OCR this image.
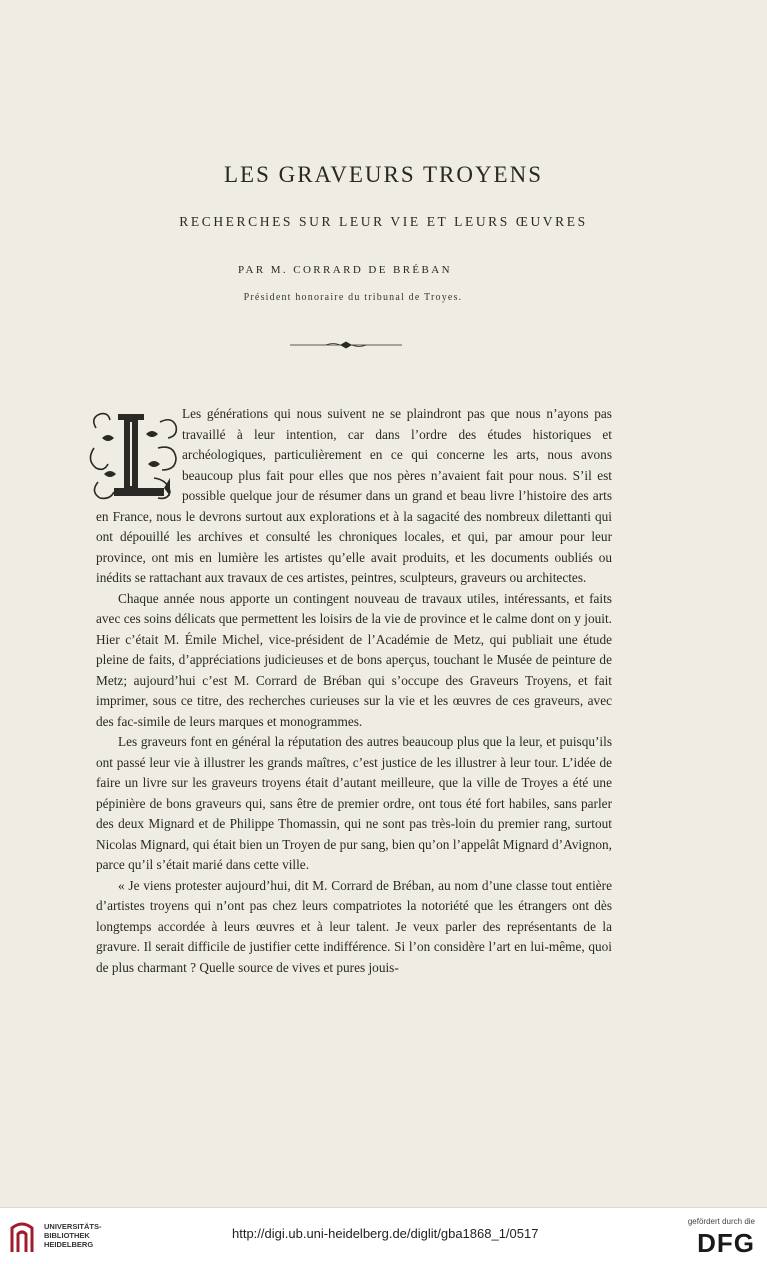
LES GRAVEURS TROYENS
RECHERCHES SUR LEUR VIE ET LEURS ŒUVRES
PAR M. CORRARD DE BRÉBAN
Président honoraire du tribunal de Troyes.

Les générations qui nous suivent ne se plaindront pas que nous n’ayons pas travaillé à leur intention, car dans l’ordre des études historiques et archéologiques, particulièrement en ce qui concerne les arts, nous avons beaucoup plus fait pour elles que nos pères n’avaient fait pour nous. S’il est possible quelque jour de résumer dans un grand et beau livre l’histoire des arts en France, nous le devrons surtout aux explorations et à la sagacité des nombreux dilettanti qui ont dépouillé les archives et consulté les chroniques locales, et qui, par amour pour leur province, ont mis en lumière les artistes qu’elle avait produits, et les documents oubliés ou inédits se rattachant aux travaux de ces artistes, peintres, sculpteurs, graveurs ou architectes.

Chaque année nous apporte un contingent nouveau de travaux utiles, intéressants, et faits avec ces soins délicats que permettent les loisirs de la vie de province et le calme dont on y jouit. Hier c’était M. Émile Michel, vice-président de l’Académie de Metz, qui publiait une étude pleine de faits, d’appréciations judicieuses et de bons aperçus, touchant le Musée de peinture de Metz; aujourd’hui c’est M. Corrard de Bréban qui s’occupe des Graveurs Troyens, et fait imprimer, sous ce titre, des recherches curieuses sur la vie et les œuvres de ces graveurs, avec des fac-simile de leurs marques et monogrammes.

Les graveurs font en général la réputation des autres beaucoup plus que la leur, et puisqu’ils ont passé leur vie à illustrer les grands maîtres, c’est justice de les illustrer à leur tour. L’idée de faire un livre sur les graveurs troyens était d’autant meilleure, que la ville de Troyes a été une pépinière de bons graveurs qui, sans être de premier ordre, ont tous été fort habiles, sans parler des deux Mignard et de Philippe Thomassin, qui ne sont pas très-loin du premier rang, surtout Nicolas Mignard, qui était bien un Troyen de pur sang, bien qu’on l’appelât Mignard d’Avignon, parce qu’il s’était marié dans cette ville.

« Je viens protester aujourd’hui, dit M. Corrard de Bréban, au nom d’une classe tout entière d’artistes troyens qui n’ont pas chez leurs compatriotes la notoriété que les étrangers ont dès longtemps accordée à leurs œuvres et à leur talent. Je veux parler des représentants de la gravure. Il serait difficile de justifier cette indifférence. Si l’on considère l’art en lui-même, quoi de plus charmant ? Quelle source de vives et pures jouis-

UNIVERSITÄTS-
BIBLIOTHEK
HEIDELBERG
http://digi.ub.uni-heidelberg.de/diglit/gba1868_1/0517
gefördert durch die
DFG
